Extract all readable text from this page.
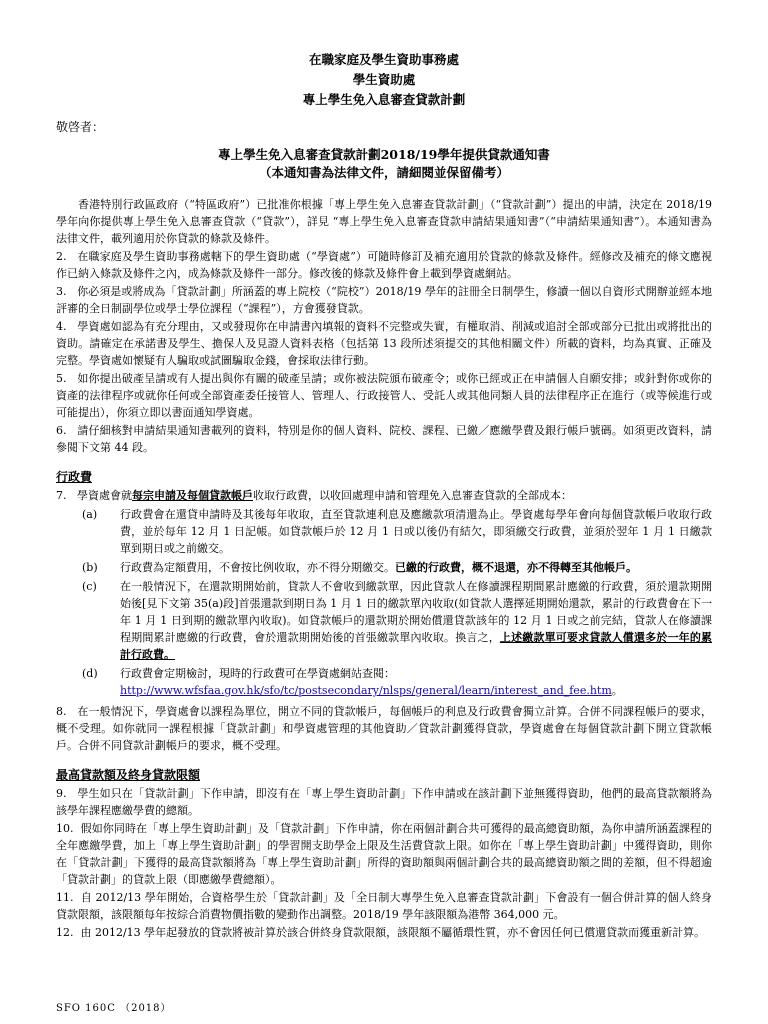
在職家庭及學生資助事務處
學生資助處
專上學生免入息審查貸款計劃
敬啓者：
專上學生免入息審查貸款計劃2018/19學年提供貸款通知書
（本通知書為法律文件，請細閱並保留備考）

香港特別行政區政府（“特區政府”）已批准你根據「專上學生免入息審查貸款計劃」（“貸款計劃”）提出的申請，決定在 2018/19 學年向你提供專上學生免入息審查貸款（“貸款”），詳見 “專上學生免入息審查貸款申請結果通知書”（“申請結果通知書”）。本通知書為法律文件，載列適用於你貸款的條款及條件。

2.   在職家庭及學生資助事務處轄下的學生資助處（“學資處”）可隨時修訂及補充適用於貸款的條款及條件。經修改及補充的條文應視作已納入條款及條件之內，成為條款及條件一部分。修改後的條款及條件會上載到學資處網站。

3.   你必須是或將成為「貸款計劃」所涵蓋的專上院校（“院校”）2018/19 學年的註冊全日制學生，修讀一個以自資形式開辦並經本地評審的全日制副學位或學士學位課程（“課程”），方會獲發貸款。

4.   學資處如認為有充分理由，又或發現你在申請書內填報的資料不完整或失實，有權取消、削減或追討全部或部分已批出或將批出的資助。請確定在承諾書及學生、擔保人及見證人資料表格（包括第 13 段所述須提交的其他相關文件）所載的資料，均為真實、正確及完整。學資處如懷疑有人騙取或試圖騙取金錢，會採取法律行動。

5.   如你提出破產呈請或有人提出與你有關的破產呈請；或你被法院頒布破產令；或你已經或正在申請個人自願安排；或針對你或你的資產的法律程序或就你任何或全部資產委任接管人、管理人、行政接管人、受託人或其他同類人員的法律程序正在進行（或等候進行或可能提出），你須立即以書面通知學資處。

6.   請仔細核對申請結果通知書載列的資料，特別是你的個人資料、院校、課程、已繳／應繳學費及銀行帳戶號碼。如須更改資料，請參閱下文第 44 段。

行政費

7.   學資處會就每宗申請及每個貸款帳戶收取行政費，以收回處理申請和管理免入息審查貸款的全部成本：

(a)	行政費會在還貸申請時及其後每年收取，直至貸款連利息及應繳款項清還為止。學資處每學年會向每個貸款帳戶收取行政費，並於每年 12 月 1 日記帳。如貸款帳戶於 12 月 1 日或以後仍有結欠，即須繳交行政費，並須於翌年 1 月 1 日繳款單到期日或之前繳交。
(b)	行政費為定額費用，不會按比例收取，亦不得分期繳交。已繳的行政費，概不退還，亦不得轉至其他帳戶。
(c)	在一般情況下，在還款期開始前，貸款人不會收到繳款單，因此貸款人在修讀課程期間累計應繳的行政費，須於還款期開始後[見下文第 35(a)段]首張還款到期日為 1 月 1 日的繳款單內收取(如貸款人選擇延期開始還款，累計的行政費會在下一年 1 月 1 日到期的繳款單內收取)。如貸款帳戶的還款期於開始償還貸款該年的 12 月 1 日或之前完結，貸款人在修讀課程期間累計應繳的行政費，會於還款期開始後的首張繳款單內收取。換言之，上述繳款單可要求貸款人償還多於一年的累計行政費。
(d)	行政費會定期檢討，現時的行政費可在學資處網站查閱：
http://www.wfsfaa.gov.hk/sfo/tc/postsecondary/nlsps/general/learn/interest_and_fee.htm。

8.   在一般情況下，學資處會以課程為單位，開立不同的貸款帳戶，每個帳戶的利息及行政費會獨立計算。合併不同課程帳戶的要求，概不受理。如你就同一課程根據「貸款計劃」和學資處管理的其他資助／貸款計劃獲得貸款，學資處會在每個貸款計劃下開立貸款帳戶。合併不同貸款計劃帳戶的要求，概不受理。

最高貸款額及終身貸款限額

9.   學生如只在「貸款計劃」下作申請，即沒有在「專上學生資助計劃」下作申請或在該計劃下並無獲得資助，他們的最高貸款額將為該學年課程應繳學費的總額。

10.  假如你同時在「專上學生資助計劃」及「貸款計劃」下作申請，你在兩個計劃合共可獲得的最高總資助額，為你申請所涵蓋課程的全年應繳學費，加上「專上學生資助計劃」的學習開支助學金上限及生活費貸款上限。如你在「專上學生資助計劃」中獲得資助，則你在「貸款計劃」下獲得的最高貸款額將為「專上學生資助計劃」所得的資助額與兩個計劃合共的最高總資助額之間的差額，但不得超逾「貸款計劃」的貸款上限（即應繳學費總額）。

11.  自 2012/13 學年開始，合資格學生於「貸款計劃」及「全日制大專學生免入息審查貸款計劃」下會設有一個合併計算的個人終身貸款限額，該限額每年按綜合消費物價指數的變動作出調整。2018/19 學年該限額為港幣 364,000 元。

12.  由 2012/13 學年起發放的貸款將被計算於該合併終身貸款限額，該限額不屬循環性質，亦不會因任何已償還貸款而獲重新計算。

SFO 160C （2018）
